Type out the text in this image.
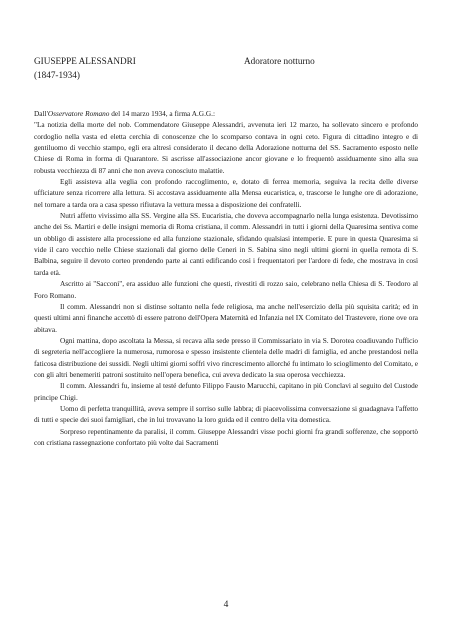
GIUSEPPE ALESSANDRI
(1847-1934)
Adoratore notturno

Dall'Osservatore Romano del 14 marzo 1934, a firma A.G.G.:

"La notizia della morte del nob. Commendatore Giuseppe Alessandri, avvenuta ieri 12 marzo, ha sollevato sincero e profondo cordoglio nella vasta ed eletta cerchia di conoscenze che lo scomparso contava in ogni ceto. Figura di cittadino integro e di gentiluomo di vecchio stampo, egli era altresì considerato il decano della Adorazione notturna del SS. Sacramento esposto nelle Chiese di Roma in forma di Quarantore. Si ascrisse all'associazione ancor giovane e lo frequentò assiduamente sino alla sua robusta vecchiezza di 87 anni che non aveva conosciuto malattie.

Egli assisteva alla veglia con profondo raccoglimento, e, dotato di ferrea memoria, seguiva la recita delle diverse ufficiature senza ricorrere alla lettura. Si accostava assiduamente alla Mensa eucaristica, e, trascorse le lunghe ore di adorazione, nel tornare a tarda ora a casa spesso rifiutava la vettura messa a disposizione dei confratelli.

Nutrì affetto vivissimo alla SS. Vergine alla SS. Eucaristia, che doveva accompagnarlo nella lunga esistenza. Devotissimo anche dei Ss. Martiri e delle insigni memoria di Roma cristiana, il comm. Alessandri in tutti i giorni della Quaresima sentiva come un obbligo di assistere alla processione ed alla funzione stazionale, sfidando qualsiasi intemperie. E pure in questa Quaresima si vide il caro vecchio nelle Chiese stazionali dal giorno delle Ceneri in S. Sabina sino negli ultimi giorni in quella remota di S. Balbina, seguire il devoto corteo prendendo parte ai canti edificando così i frequentatori per l'ardore di fede, che mostrava in così tarda età.

Ascritto ai "Sacconi", era assiduo alle funzioni che questi, rivestiti di rozzo saio, celebrano nella Chiesa di S. Teodoro al Foro Romano.

Il comm. Alessandri non si distinse soltanto nella fede religiosa, ma anche nell'esercizio della più squisita carità; ed in questi ultimi anni finanche accettò di essere patrono dell'Opera Maternità ed Infanzia nel IX Comitato del Trastevere, rione ove ora abitava.

Ogni mattina, dopo ascoltata la Messa, si recava alla sede presso il Commissariato in via S. Dorotea coadiuvando l'ufficio di segreteria nell'accogliere la numerosa, rumorosa e spesso insistente clientela delle madri di famiglia, ed anche prestandosi nella faticosa distribuzione dei sussidi. Negli ultimi giorni soffrì vivo rincrescimento allorché fu intimato lo scioglimento del Comitato, e con gli altri benemeriti patroni sostituito nell'opera benefica, cui aveva dedicato la sua operosa vecchiezza.

Il comm. Alessandri fu, insieme al testé defunto Filippo Fausto Marucchi, capitano in più Conclavi al seguito del Custode principe Chigi.

Uomo di perfetta tranquillità, aveva sempre il sorriso sulle labbra; di piacevolissima conversazione si guadagnava l'affetto di tutti e specie dei suoi famigliari, che in lui trovavano la loro guida ed il centro della vita domestica.

Sorpreso repentinamente da paralisi, il comm. Giuseppe Alessandri visse pochi giorni fra grandi sofferenze, che sopportò con cristiana rassegnazione confortato più volte dai Sacramenti

4
